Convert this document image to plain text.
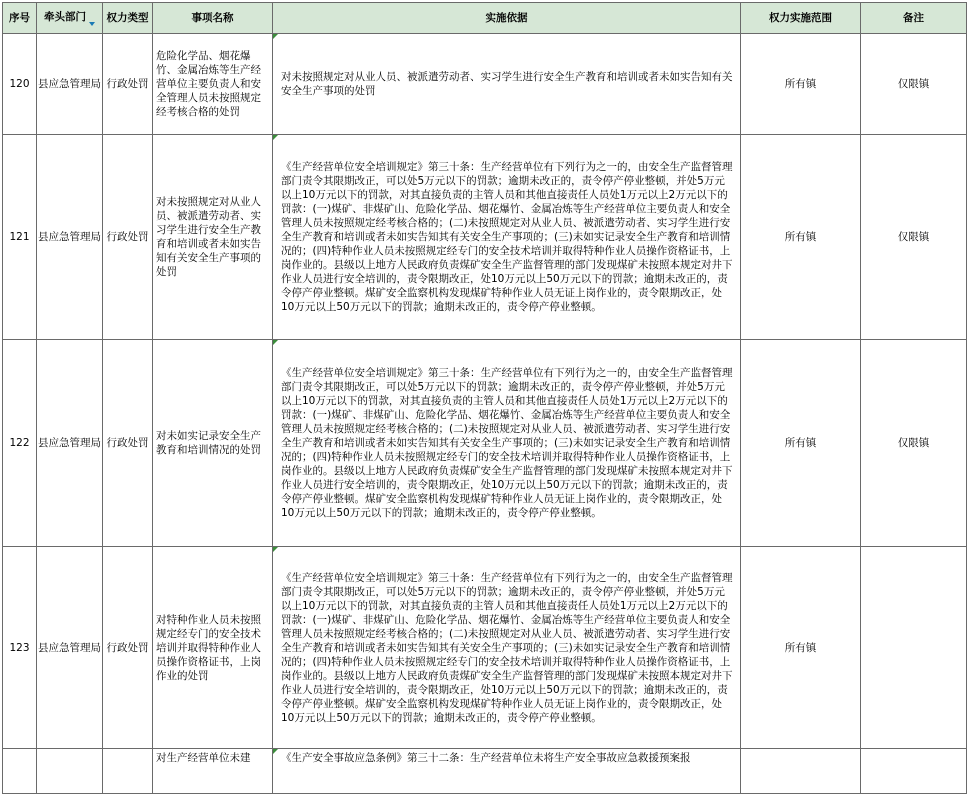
序号	牵头部门	权力类型	事项名称	实施依据	权力实施范围	备注
120	县应急管理局	行政处罚	危险化学品、烟花爆竹、金属冶炼等生产经营单位主要负责人和安全管理人员未按照规定经考核合格的处罚	对未按照规定对从业人员、被派遣劳动者、实习学生进行安全生产教育和培训或者未如实告知有关安全生产事项的处罚	所有镇	仅限镇
121	县应急管理局	行政处罚	对未按照规定对从业人员、被派遣劳动者、实习学生进行安全生产教育和培训或者未如实告知有关安全生产事项的处罚	《生产经营单位安全培训规定》第三十条：生产经营单位有下列行为之一的，由安全生产监督管理部门责令其限期改正，可以处5万元以下的罚款；逾期未改正的，责令停产停业整顿，并处5万元以上10万元以下的罚款，对其直接负责的主管人员和其他直接责任人员处1万元以上2万元以下的罚款：(一)煤矿、非煤矿山、危险化学品、烟花爆竹、金属冶炼等生产经营单位主要负责人和安全管理人员未按照规定经考核合格的；(二)未按照规定对从业人员、被派遣劳动者、实习学生进行安全生产教育和培训或者未如实告知其有关安全生产事项的；(三)未如实记录安全生产教育和培训情况的；(四)特种作业人员未按照规定经专门的安全技术培训并取得特种作业人员操作资格证书，上岗作业的。县级以上地方人民政府负责煤矿安全生产监督管理的部门发现煤矿未按照本规定对井下作业人员进行安全培训的，责令限期改正，处10万元以上50万元以下的罚款；逾期未改正的，责令停产停业整顿。煤矿安全监察机构发现煤矿特种作业人员无证上岗作业的，责令限期改正，处10万元以上50万元以下的罚款；逾期未改正的，责令停产停业整顿。	所有镇	仅限镇
122	县应急管理局	行政处罚	对未如实记录安全生产教育和培训情况的处罚	《生产经营单位安全培训规定》第三十条：生产经营单位有下列行为之一的，由安全生产监督管理部门责令其限期改正，可以处5万元以下的罚款；逾期未改正的，责令停产停业整顿，并处5万元以上10万元以下的罚款，对其直接负责的主管人员和其他直接责任人员处1万元以上2万元以下的罚款：(一)煤矿、非煤矿山、危险化学品、烟花爆竹、金属冶炼等生产经营单位主要负责人和安全管理人员未按照规定经考核合格的；(二)未按照规定对从业人员、被派遣劳动者、实习学生进行安全生产教育和培训或者未如实告知其有关安全生产事项的；(三)未如实记录安全生产教育和培训情况的；(四)特种作业人员未按照规定经专门的安全技术培训并取得特种作业人员操作资格证书，上岗作业的。县级以上地方人民政府负责煤矿安全生产监督管理的部门发现煤矿未按照本规定对井下作业人员进行安全培训的，责令限期改正，处10万元以上50万元以下的罚款；逾期未改正的，责令停产停业整顿。煤矿安全监察机构发现煤矿特种作业人员无证上岗作业的，责令限期改正，处10万元以上50万元以下的罚款；逾期未改正的，责令停产停业整顿。	所有镇	仅限镇
123	县应急管理局	行政处罚	对特种作业人员未按照规定经专门的安全技术培训并取得特种作业人员操作资格证书，上岗作业的处罚	《生产经营单位安全培训规定》第三十条：生产经营单位有下列行为之一的，由安全生产监督管理部门责令其限期改正，可以处5万元以下的罚款；逾期未改正的，责令停产停业整顿，并处5万元以上10万元以下的罚款，对其直接负责的主管人员和其他直接责任人员处1万元以上2万元以下的罚款：(一)煤矿、非煤矿山、危险化学品、烟花爆竹、金属冶炼等生产经营单位主要负责人和安全管理人员未按照规定经考核合格的；(二)未按照规定对从业人员、被派遣劳动者、实习学生进行安全生产教育和培训或者未如实告知其有关安全生产事项的；(三)未如实记录安全生产教育和培训情况的；(四)特种作业人员未按照规定经专门的安全技术培训并取得特种作业人员操作资格证书，上岗作业的。县级以上地方人民政府负责煤矿安全生产监督管理的部门发现煤矿未按照本规定对井下作业人员进行安全培训的，责令限期改正，处10万元以上50万元以下的罚款；逾期未改正的，责令停产停业整顿。煤矿安全监察机构发现煤矿特种作业人员无证上岗作业的，责令限期改正，处10万元以上50万元以下的罚款；逾期未改正的，责令停产停业整顿。	所有镇	
			对生产经营单位未建	《生产安全事故应急条例》第三十二条：生产经营单位未将生产安全事故应急救援预案报		
